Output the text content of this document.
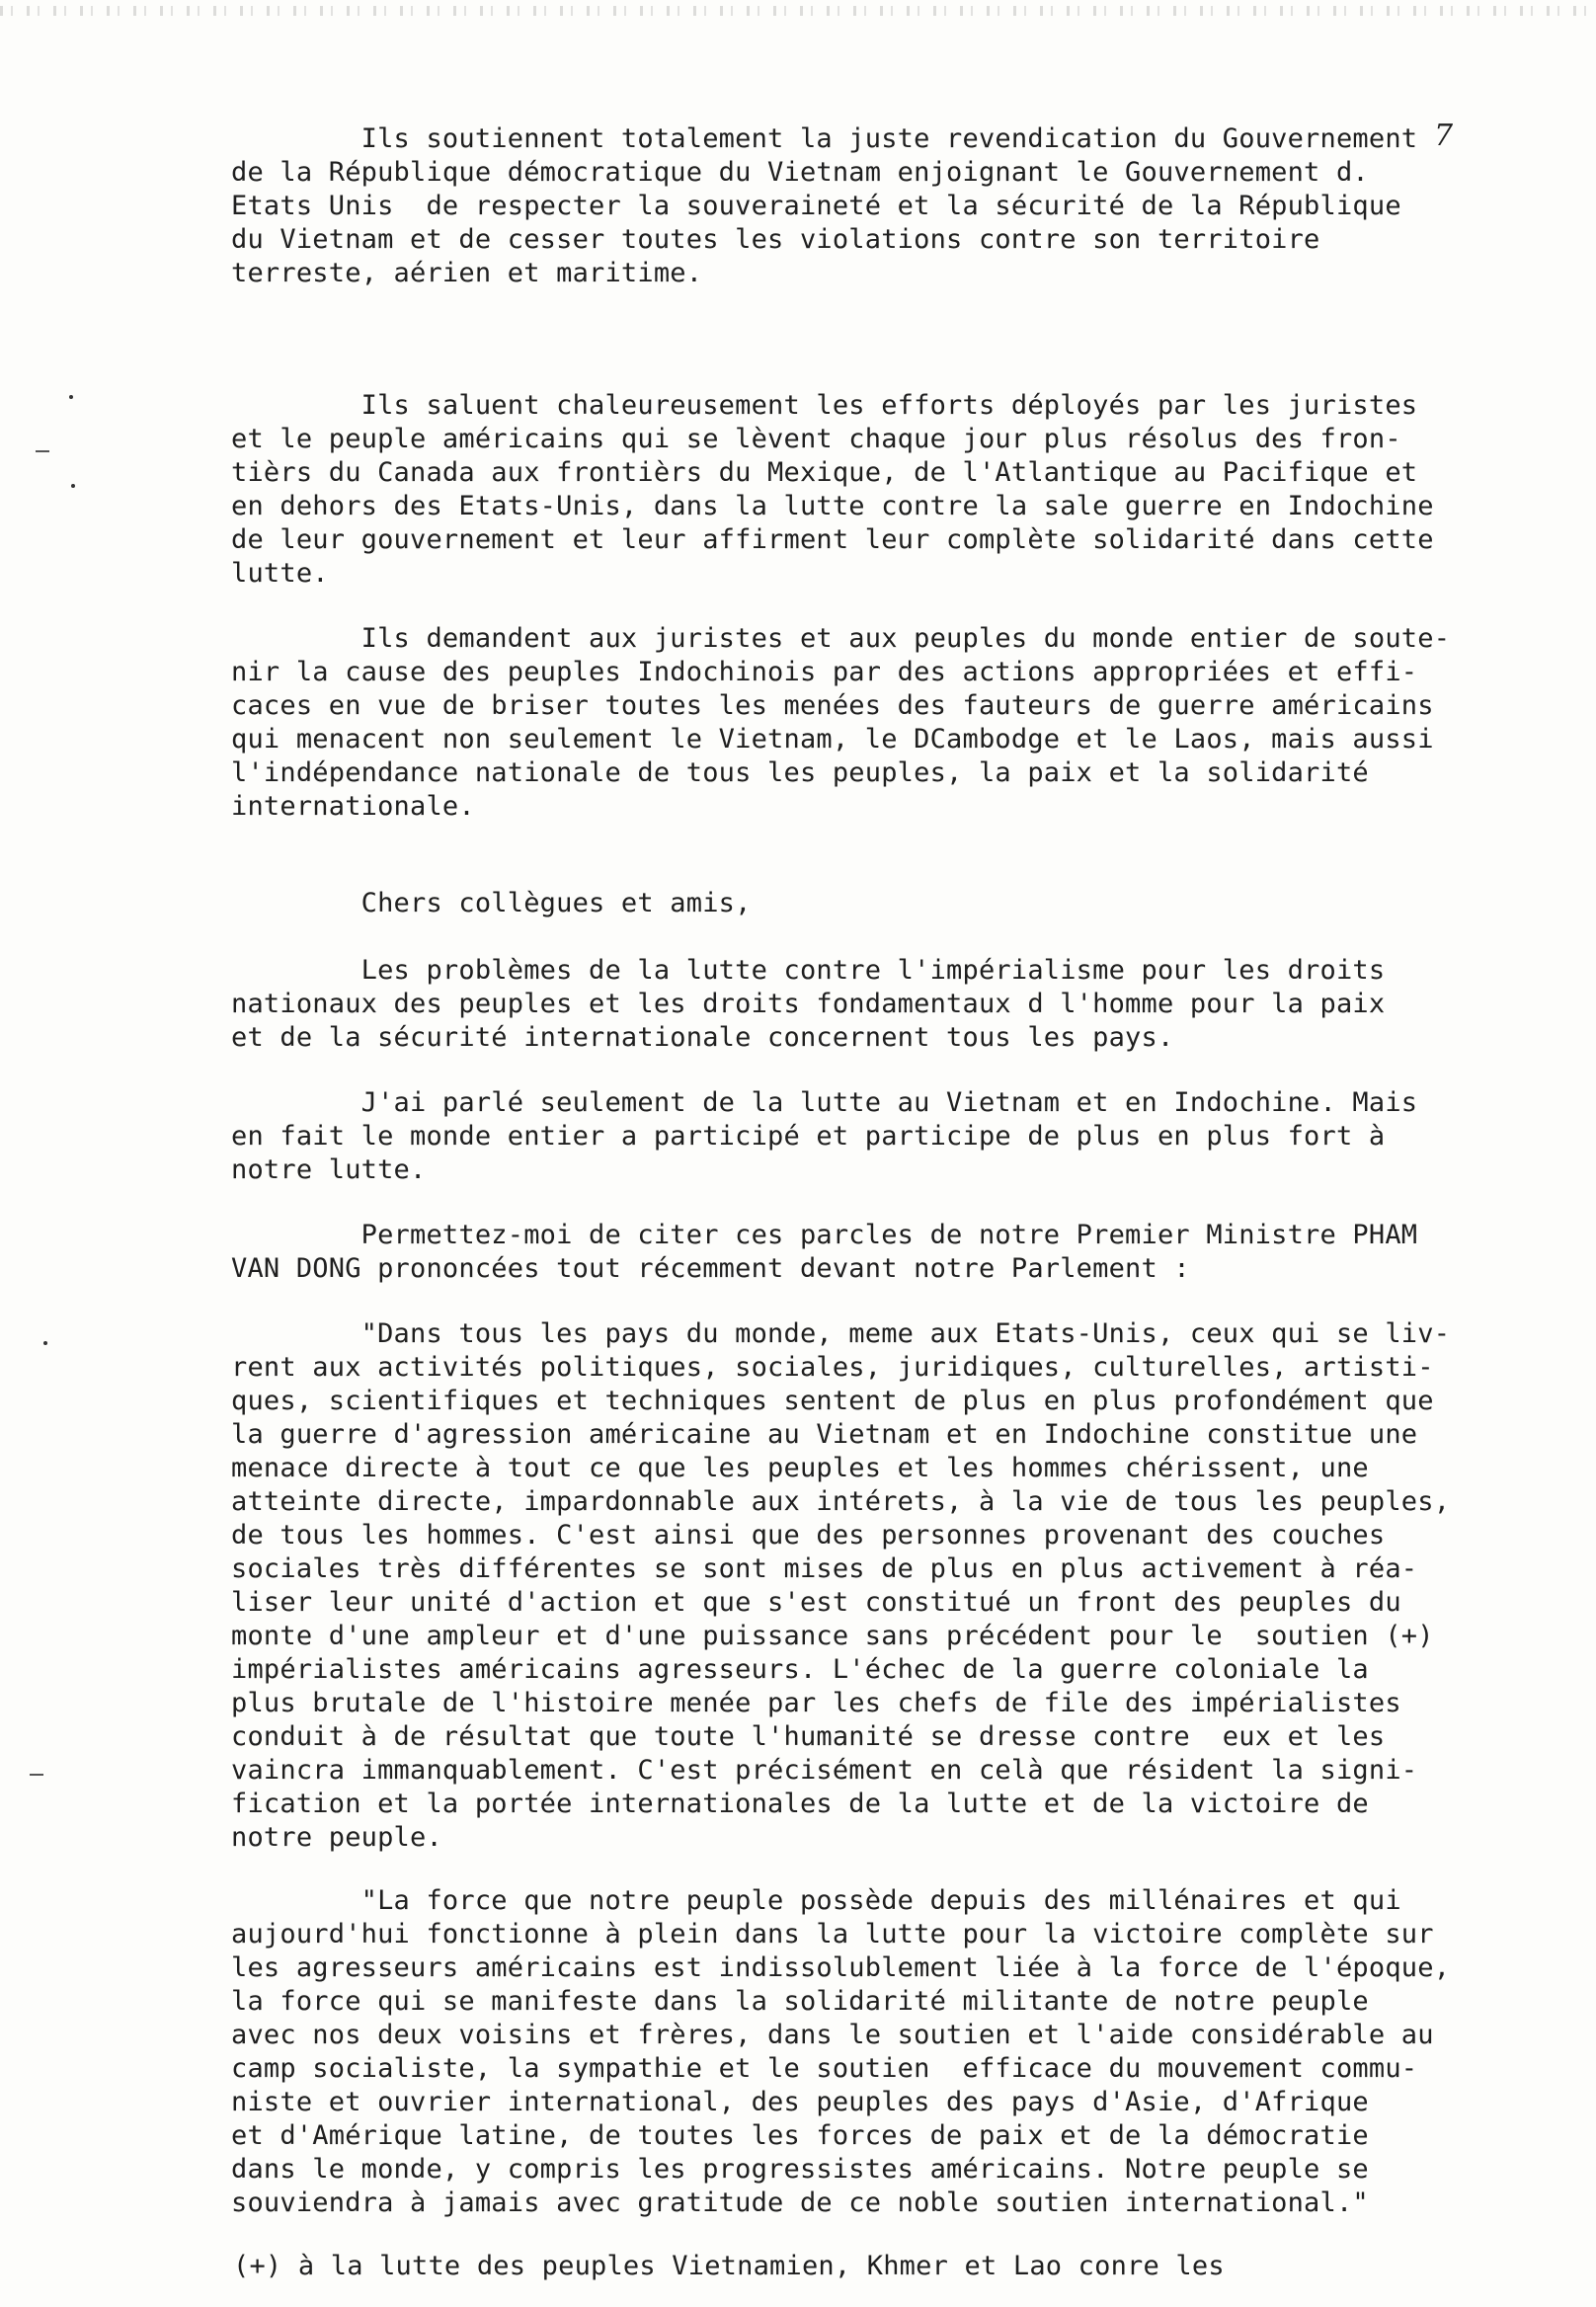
7
Ils soutiennent totalement la juste revendication du Gouvernement
de la République démocratique du Vietnam enjoignant le Gouvernement d.
Etats Unis  de respecter la souveraineté et la sécurité de la République
du Vietnam et de cesser toutes les violations contre son territoire
terreste, aérien et maritime.
Ils saluent chaleureusement les efforts déployés par les juristes
et le peuple américains qui se lèvent chaque jour plus résolus des fron-
tièrs du Canada aux frontièrs du Mexique, de l'Atlantique au Pacifique et
en dehors des Etats-Unis, dans la lutte contre la sale guerre en Indochine
de leur gouvernement et leur affirment leur complète solidarité dans cette
lutte.
Ils demandent aux juristes et aux peuples du monde entier de soute-
nir la cause des peuples Indochinois par des actions appropriées et effi-
caces en vue de briser toutes les menées des fauteurs de guerre américains
qui menacent non seulement le Vietnam, le DCambodge et le Laos, mais aussi
l'indépendance nationale de tous les peuples, la paix et la solidarité
internationale.
Chers collègues et amis,
Les problèmes de la lutte contre l'impérialisme pour les droits
nationaux des peuples et les droits fondamentaux d l'homme pour la paix
et de la sécurité internationale concernent tous les pays.
J'ai parlé seulement de la lutte au Vietnam et en Indochine. Mais
en fait le monde entier a participé et participe de plus en plus fort à
notre lutte.
Permettez-moi de citer ces parcles de notre Premier Ministre PHAM
VAN DONG prononcées tout récemment devant notre Parlement :
"Dans tous les pays du monde, meme aux Etats-Unis, ceux qui se liv-
rent aux activités politiques, sociales, juridiques, culturelles, artisti-
ques, scientifiques et techniques sentent de plus en plus profondément que
la guerre d'agression américaine au Vietnam et en Indochine constitue une
menace directe à tout ce que les peuples et les hommes chérissent, une
atteinte directe, impardonnable aux intérets, à la vie de tous les peuples,
de tous les hommes. C'est ainsi que des personnes provenant des couches
sociales très différentes se sont mises de plus en plus activement à réa-
liser leur unité d'action et que s'est constitué un front des peuples du
monte d'une ampleur et d'une puissance sans précédent pour le  soutien (+)
impérialistes américains agresseurs. L'échec de la guerre coloniale la
plus brutale de l'histoire menée par les chefs de file des impérialistes
conduit à de résultat que toute l'humanité se dresse contre  eux et les
vaincra immanquablement. C'est précisément en celà que résident la signi-
fication et la portée internationales de la lutte et de la victoire de
notre peuple.
"La force que notre peuple possède depuis des millénaires et qui
aujourd'hui fonctionne à plein dans la lutte pour la victoire complète sur
les agresseurs américains est indissolublement liée à la force de l'époque,
la force qui se manifeste dans la solidarité militante de notre peuple
avec nos deux voisins et frères, dans le soutien et l'aide considérable au
camp socialiste, la sympathie et le soutien  efficace du mouvement commu-
niste et ouvrier international, des peuples des pays d'Asie, d'Afrique
et d'Amérique latine, de toutes les forces de paix et de la démocratie
dans le monde, y compris les progressistes américains. Notre peuple se
souviendra à jamais avec gratitude de ce noble soutien international."
(+) à la lutte des peuples Vietnamien, Khmer et Lao conre les
